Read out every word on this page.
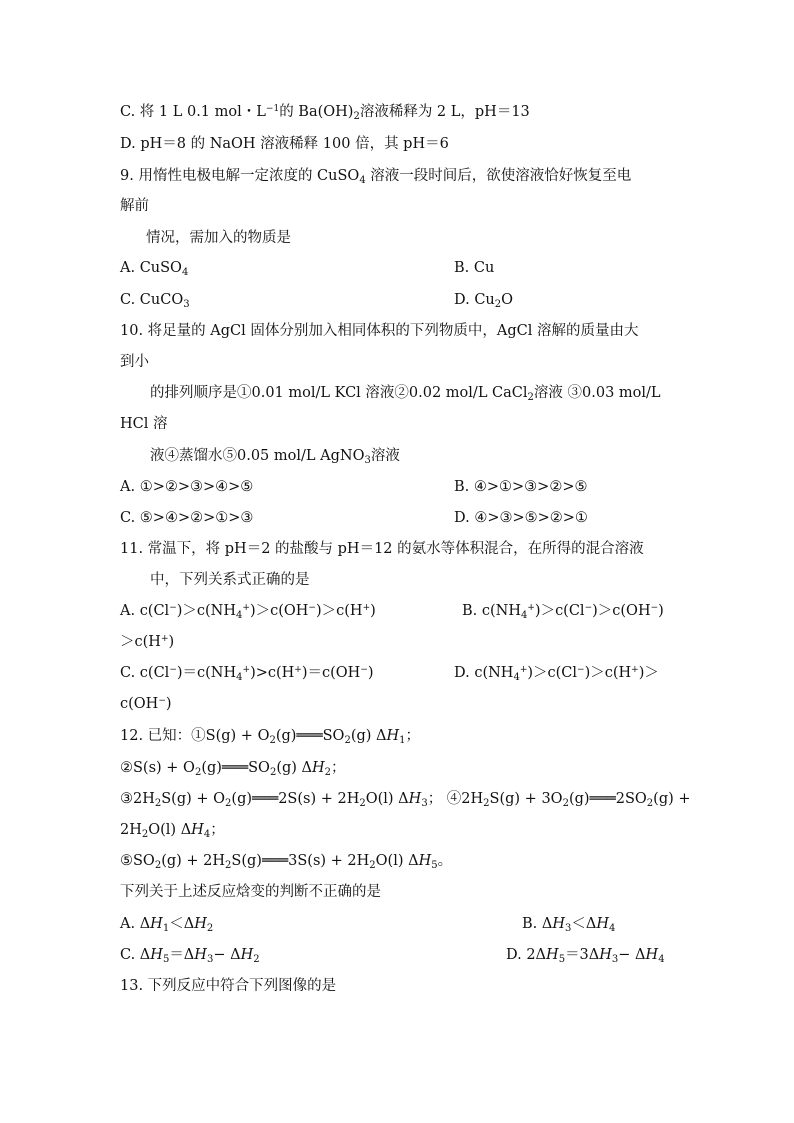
C. 将 1 L 0.1 mol・$L^{-1}$的 $Ba(OH)_2$溶液稀释为 2 L，pH＝13
D. pH＝8 的 NaOH 溶液稀释 100 倍，其 pH＝6
9. 用惰性电极电解一定浓度的 CuSO$_4$ 溶液一段时间后，欲使溶液恰好恢复至电
解前
情况，需加入的物质是
A. CuSO$_4$	B. Cu
C. CuCO$_3$	D. $Cu_2O$
10. 将足量的 AgCl 固体分别加入相同体积的下列物质中，AgCl 溶解的质量由大
到小
的排列顺序是①0.01 mol/L KCl 溶液②0.02 mol/L CaCl$_2$溶液 ③0.03 mol/L
HCl 溶
液④蒸馏水⑤0.05 mol/L AgNO$_3$溶液
A. ①>②>③>④>⑤	B. ④>①>③>②>⑤
C. ⑤>④>②>①>③	D. ④>③>⑤>②>①
11. 常温下，将 pH＝2 的盐酸与 pH＝12 的氨水等体积混合，在所得的混合溶液
中，下列关系式正确的是
A. $c(Cl^-)>c(NH_4^+)>c(OH^-)>c(H^+)$	B. $c(NH_4^+)>c(Cl^-)>c(OH^-)$
＞c(H+)
C. $c(Cl^-)=c(NH_4^+)>c(H^+)=c(OH^-)$	D. $c(NH_4^+)>c(Cl^-)>c(H^+)>$
c(OH−)
12. 已知：①S(g) + $O_2(g)═══SO_2(g)$ $\Delta H_1$；
②S(s) + $O_2(g)═══SO_2(g)$ $\Delta H_2$；
$③2H_2S(g)$ + $O_2(g)═══2S(s) + 2H_2O(l)$ $\Delta H_3$； $④2H_2S(g)$ + $3O_2(g)═══2SO_2(g)$ +
$2H_2O(l)$ $\Delta H_4$；
$⑤SO_2(g)$ + $2H_2S(g)═══3S(s) + 2H_2O(l)$ $\Delta H_5$。
下列关于上述反应焓变的判断不正确的是
A. $\Delta H_1<\Delta H_2$	B. $\Delta H_3<\Delta H_4$
C. $\Delta H_5=\Delta H_3- \Delta H_2$	D. $2\Delta H_5=3\Delta H_3- \Delta H_4$
13. 下列反应中符合下列图像的是
